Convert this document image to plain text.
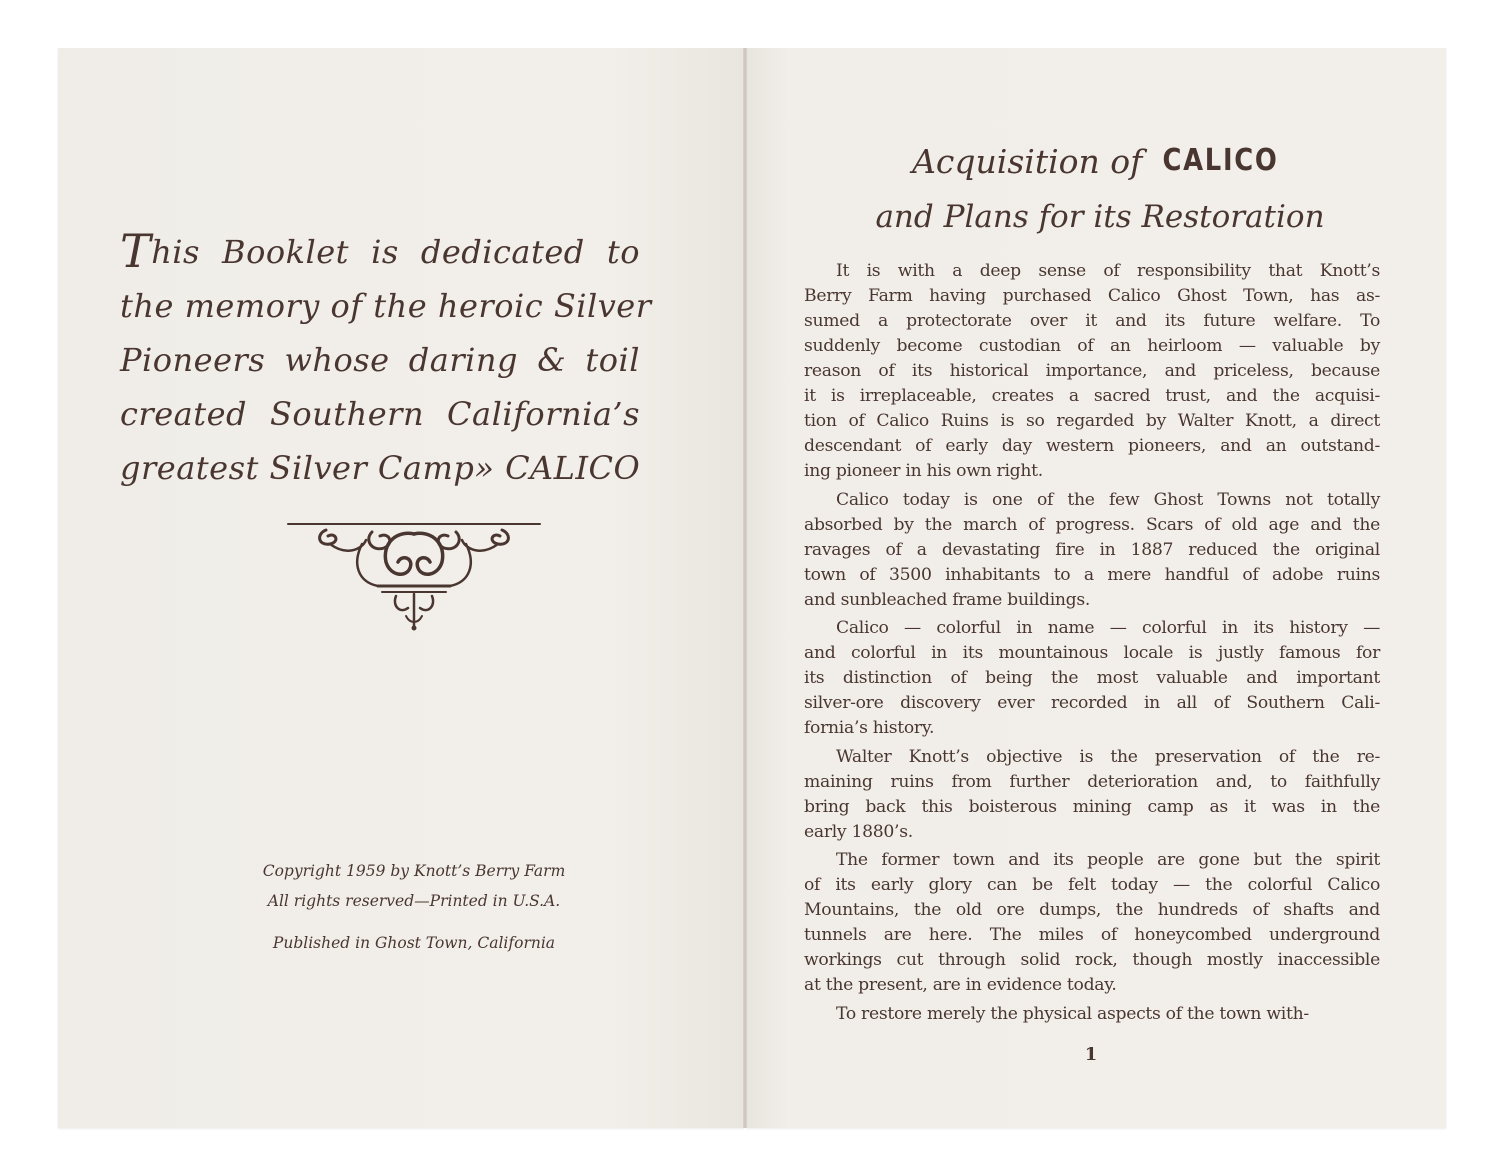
This Booklet is dedicated to
the memory of the heroic Silver
Pioneers whose daring & toil
created Southern California’s
greatest Silver Camp» CALICO
Copyright 1959 by Knott’s Berry Farm
All rights reserved—Printed in U.S.A.
Published in Ghost Town, California
Acquisition of CALICO
and Plans for its Restoration
It is with a deep sense of responsibility that Knott’s
Berry Farm having purchased Calico Ghost Town, has as-
sumed a protectorate over it and its future welfare. To
suddenly become custodian of an heirloom — valuable by
reason of its historical importance, and priceless, because
it is irreplaceable, creates a sacred trust, and the acquisi-
tion of Calico Ruins is so regarded by Walter Knott, a direct
descendant of early day western pioneers, and an outstand-
ing pioneer in his own right.
Calico today is one of the few Ghost Towns not totally
absorbed by the march of progress. Scars of old age and the
ravages of a devastating fire in 1887 reduced the original
town of 3500 inhabitants to a mere handful of adobe ruins
and sunbleached frame buildings.
Calico — colorful in name — colorful in its history —
and colorful in its mountainous locale is justly famous for
its distinction of being the most valuable and important
silver-ore discovery ever recorded in all of Southern Cali-
fornia’s history.
Walter Knott’s objective is the preservation of the re-
maining ruins from further deterioration and, to faithfully
bring back this boisterous mining camp as it was in the
early 1880’s.
The former town and its people are gone but the spirit
of its early glory can be felt today — the colorful Calico
Mountains, the old ore dumps, the hundreds of shafts and
tunnels are here. The miles of honeycombed underground
workings cut through solid rock, though mostly inaccessible
at the present, are in evidence today.
To restore merely the physical aspects of the town with-
1
